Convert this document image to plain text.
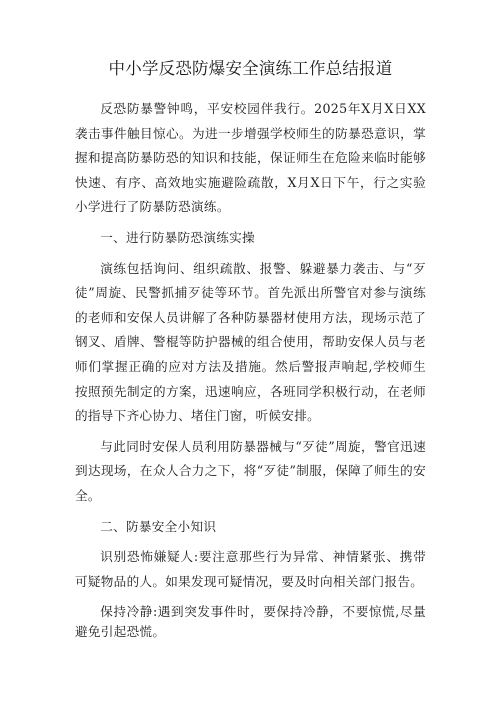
中小学反恐防爆安全演练工作总结报道

反恐防暴警钟鸣，平安校园伴我行。2025年X月X日XX袭击事件触目惊心。为进一步增强学校师生的防暴恐意识，掌握和提高防暴防恐的知识和技能，保证师生在危险来临时能够快速、有序、高效地实施避险疏散，X月X日下午，行之实验小学进行了防暴防恐演练。

一、进行防暴防恐演练实操

演练包括询问、组织疏散、报警、躲避暴力袭击、与“歹徒”周旋、民警抓捕歹徒等环节。首先派出所警官对参与演练的老师和安保人员讲解了各种防暴器材使用方法，现场示范了钢叉、盾牌、警棍等防护器械的组合使用，帮助安保人员与老师们掌握正确的应对方法及措施。然后警报声响起,学校师生按照预先制定的方案，迅速响应，各班同学积极行动，在老师的指导下齐心协力、堵住门窗，听候安排。

与此同时安保人员利用防暴器械与“歹徒”周旋，警官迅速到达现场，在众人合力之下，将“歹徒”制服，保障了师生的安全。

二、防暴安全小知识

识别恐怖嫌疑人:要注意那些行为异常、神情紧张、携带可疑物品的人。如果发现可疑情况，要及时向相关部门报告。

保持冷静:遇到突发事件时，要保持冷静，不要惊慌,尽量避免引起恐慌。
